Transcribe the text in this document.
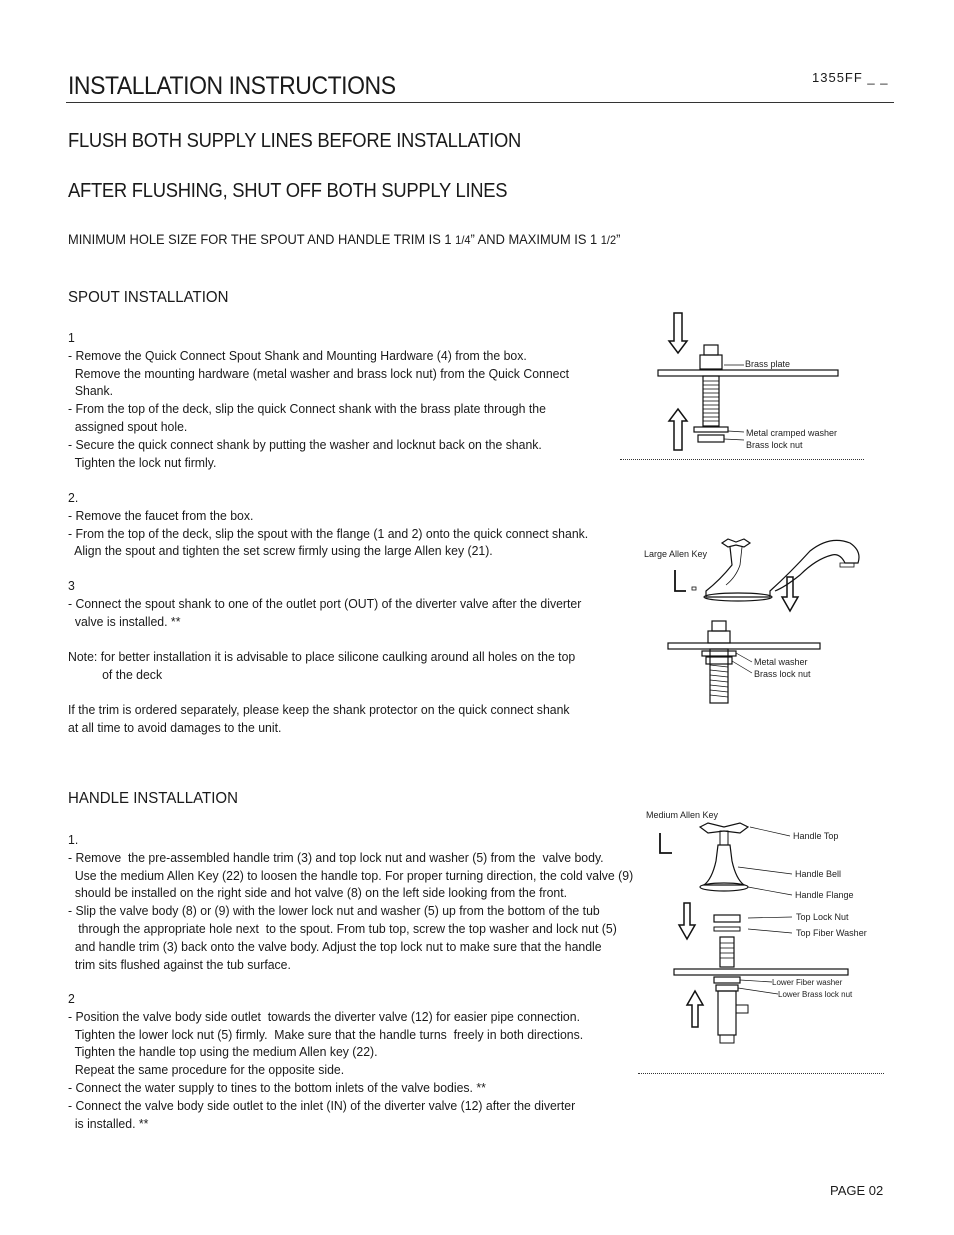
INSTALLATION INSTRUCTIONS	1355FF _ _
FLUSH BOTH SUPPLY LINES BEFORE INSTALLATION
AFTER FLUSHING, SHUT OFF BOTH SUPPLY LINES
MINIMUM HOLE SIZE FOR THE SPOUT AND HANDLE TRIM IS 1 1/4” AND MAXIMUM IS 1 1/2”
SPOUT INSTALLATION
1
- Remove the Quick Connect Spout Shank and Mounting Hardware (4) from the box.
Remove the mounting hardware (metal washer and brass lock nut) from the Quick Connect
Shank.
- From the top of the deck, slip the quick Connect shank with the brass plate through the
assigned spout hole.
- Secure the quick connect shank by putting the washer and locknut back on the shank.
Tighten the lock nut firmly.
2.
- Remove the faucet from the box.
- From the top of the deck, slip the spout with the flange (1 and 2) onto the quick connect shank.
Align the spout and tighten the set screw firmly using the large Allen key (21).
3
- Connect the spout shank to one of the outlet port (OUT) of the diverter valve after the diverter
valve is installed. **
Note: for better installation it is advisable to place silicone caulking around all holes on the top
of the deck
If the trim is ordered separately, please keep the shank protector on the quick connect shank
at all time to avoid damages to the unit.
HANDLE INSTALLATION
1.
- Remove  the pre-assembled handle trim (3) and top lock nut and washer (5) from the  valve body.
Use the medium Allen Key (22) to loosen the handle top. For proper turning direction, the cold valve (9)
should be installed on the right side and hot valve (8) on the left side looking from the front.
- Slip the valve body (8) or (9) with the lower lock nut and washer (5) up from the bottom of the tub
through the appropriate hole next  to the spout. From tub top, screw the top washer and lock nut (5)
and handle trim (3) back onto the valve body. Adjust the top lock nut to make sure that the handle
trim sits flushed against the tub surface.
2
- Position the valve body side outlet  towards the diverter valve (12) for easier pipe connection.
Tighten the lower lock nut (5) firmly.  Make sure that the handle turns  freely in both directions.
Tighten the handle top using the medium Allen key (22).
Repeat the same procedure for the opposite side.
- Connect the water supply to tines to the bottom inlets of the valve bodies. **
- Connect the valve body side outlet to the inlet (IN) of the diverter valve (12) after the diverter
is installed. **
Brass plate
Metal cramped washer
Brass lock nut
Large Allen Key
Metal washer
Brass lock nut
Medium Allen Key
Handle Top
Handle Bell
Handle Flange
Top Lock Nut
Top Fiber Washer
Lower Fiber washer
Lower Brass lock nut
PAGE 02
